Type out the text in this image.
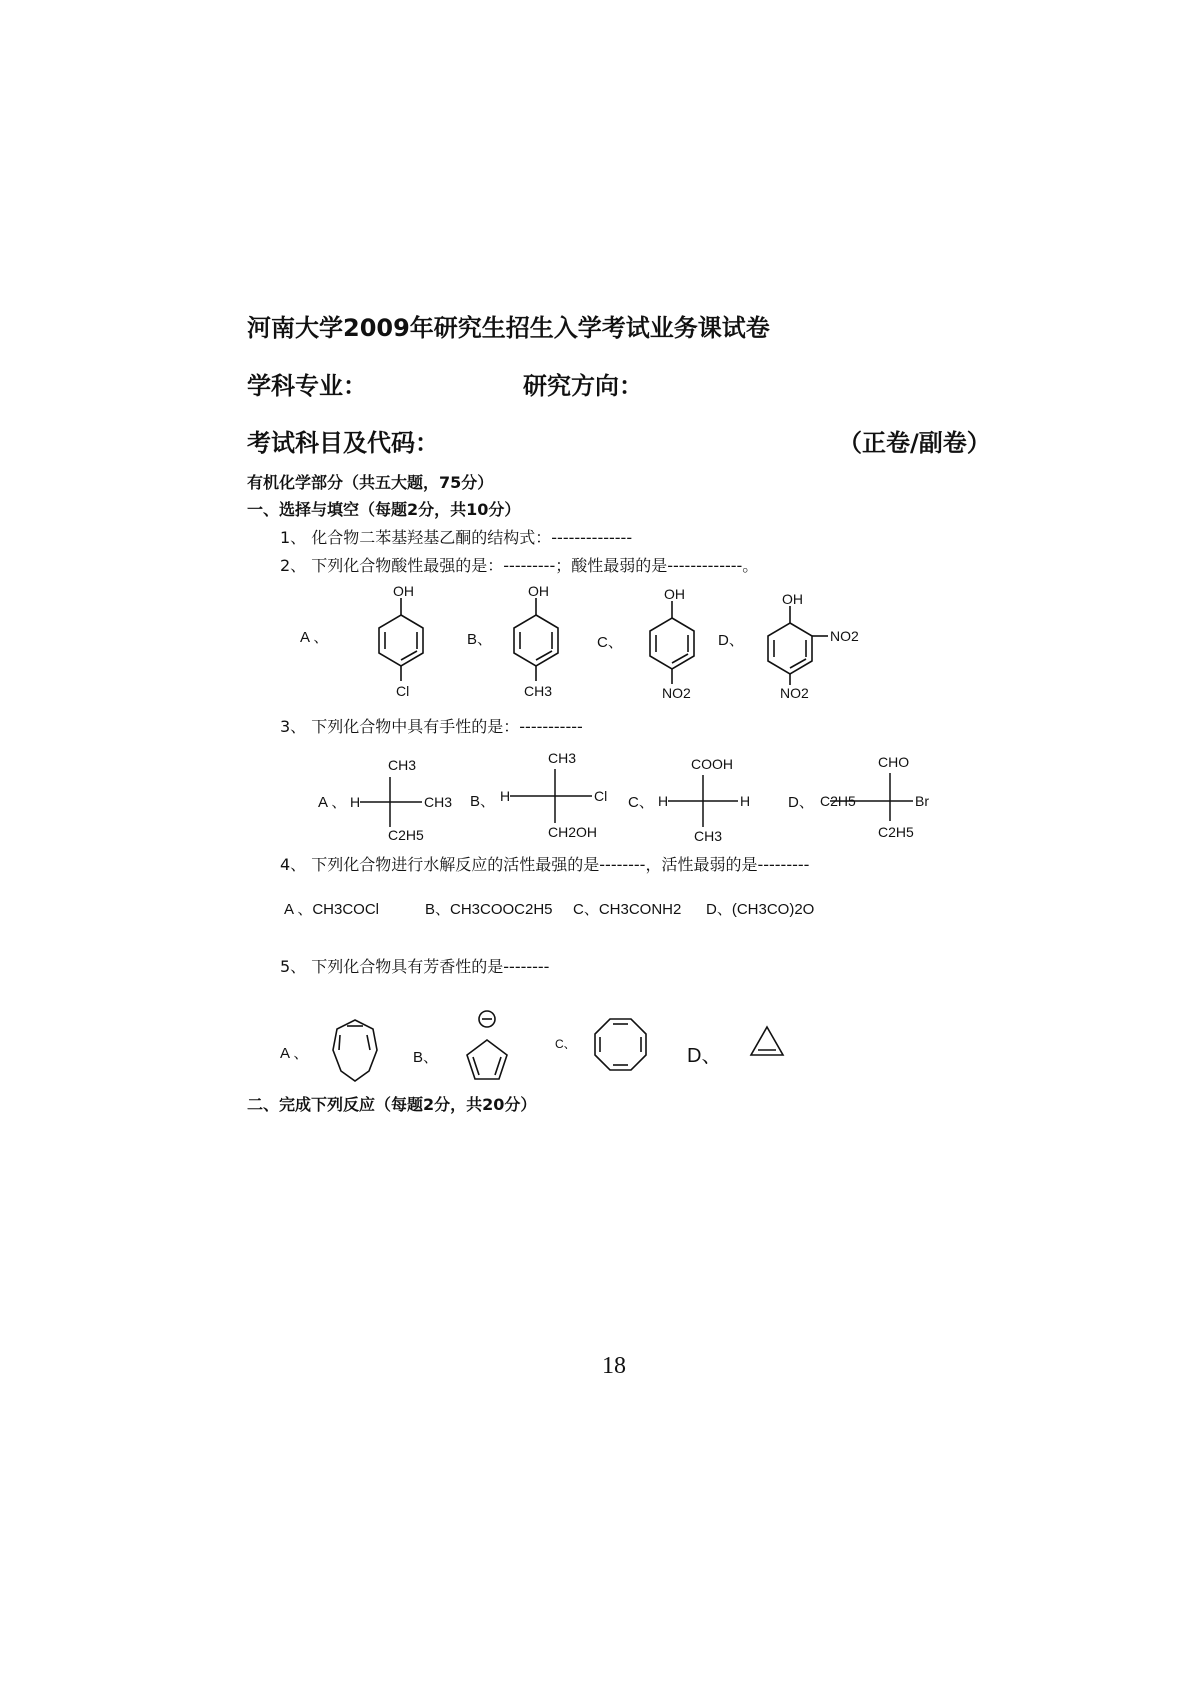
河南大学2009年研究生招生入学考试业务课试卷
学科专业：	研究方向：
考试科目及代码：	（正卷/副卷）
有机化学部分（共五大题，75分）
一、选择与填空（每题2分，共10分）
1、 化合物二苯基羟基乙酮的结构式：--------------
2、 下列化合物酸性最强的是：---------；酸性最弱的是-------------。
A 、
OH
Cl
B、
OH
CH3
C、
OH
NO2
D、
OH
NO2
NO2
3、 下列化合物中具有手性的是：-----------
A 、 H
CH3
CH3
C2H5
B、 H
CH3
Cl
CH2OH
C、 H
COOH
H
CH3
D、 C2H5
CHO
Br
C2H5
4、 下列化合物进行水解反应的活性最强的是--------，活性最弱的是---------
A 、CH3COCl	B、CH3COOC2H5 C、CH3CONH2 D、(CH3CO)2O
5、 下列化合物具有芳香性的是--------
A 、	B、
C、
D、
二、完成下列反应（每题2分，共20分）
18
